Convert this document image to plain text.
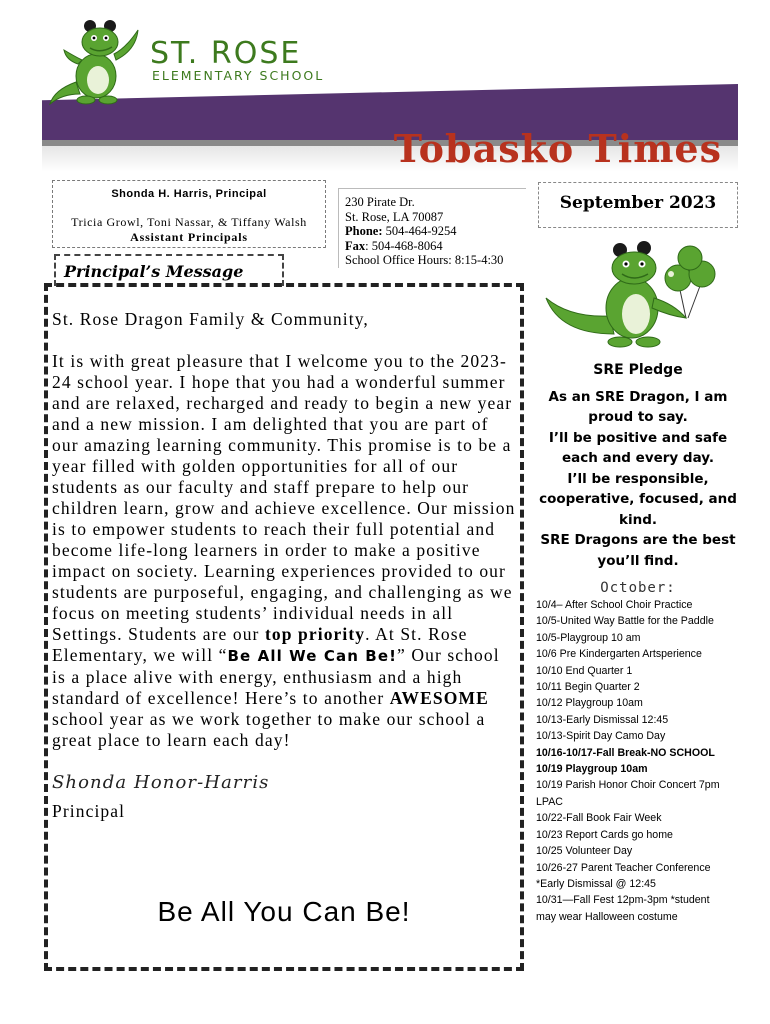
ST. ROSE
ELEMENTARY SCHOOL
Tobasko Times
Shonda H. Harris, Principal
Tricia Growl, Toni Nassar, & Tiffany Walsh
Assistant Principals
230 Pirate Dr.
St. Rose, LA 70087
Phone: 504-464-9254
Fax: 504-468-8064
School Office Hours: 8:15-4:30
Principal’s Message

St. Rose Dragon Family & Community,

It is with great pleasure that I welcome you to the 2023-24 school year. I hope that you had a wonderful summer and are relaxed, recharged and ready to begin a new year and a new mission. I am delighted that you are part of our amazing learning community. This promise is to be a year filled with golden opportunities for all of our students as our faculty and staff prepare to help our children learn, grow and achieve excellence. Our mission is to empower students to reach their full potential and become life-long learners in order to make a positive impact on society. Learning experiences provided to our students are purposeful, engaging, and challenging as we focus on meeting students’ individual needs in all Settings. Students are our top priority. At St. Rose Elementary, we will “Be All We Can Be!” Our school is a place alive with energy, enthusiasm and a high standard of excellence! Here’s to another AWESOME school year as we work together to make our school a great place to learn each day!

Shonda Honor-Harris
Principal
Be All You Can Be!
September 2023
SRE Pledge
As an SRE Dragon, I am proud to say.
I’ll be positive and safe each and every day.
I’ll be responsible, cooperative, focused, and kind.
SRE Dragons are the best you’ll find.
October:
10/4– After School Choir Practice
10/5-United Way Battle for the Paddle
10/5-Playgroup 10 am
10/6 Pre Kindergarten Artsperience
10/10 End Quarter 1
10/11 Begin Quarter 2
10/12 Playgroup 10am
10/13-Early Dismissal 12:45
10/13-Spirit Day Camo Day
10/16-10/17-Fall Break-NO SCHOOL
10/19 Playgroup 10am
10/19 Parish Honor Choir Concert 7pm LPAC
10/22-Fall Book Fair Week
10/23 Report Cards go home
10/25 Volunteer Day
10/26-27 Parent Teacher Conference *Early Dismissal @ 12:45
10/31—Fall Fest 12pm-3pm *student may wear Halloween costume
